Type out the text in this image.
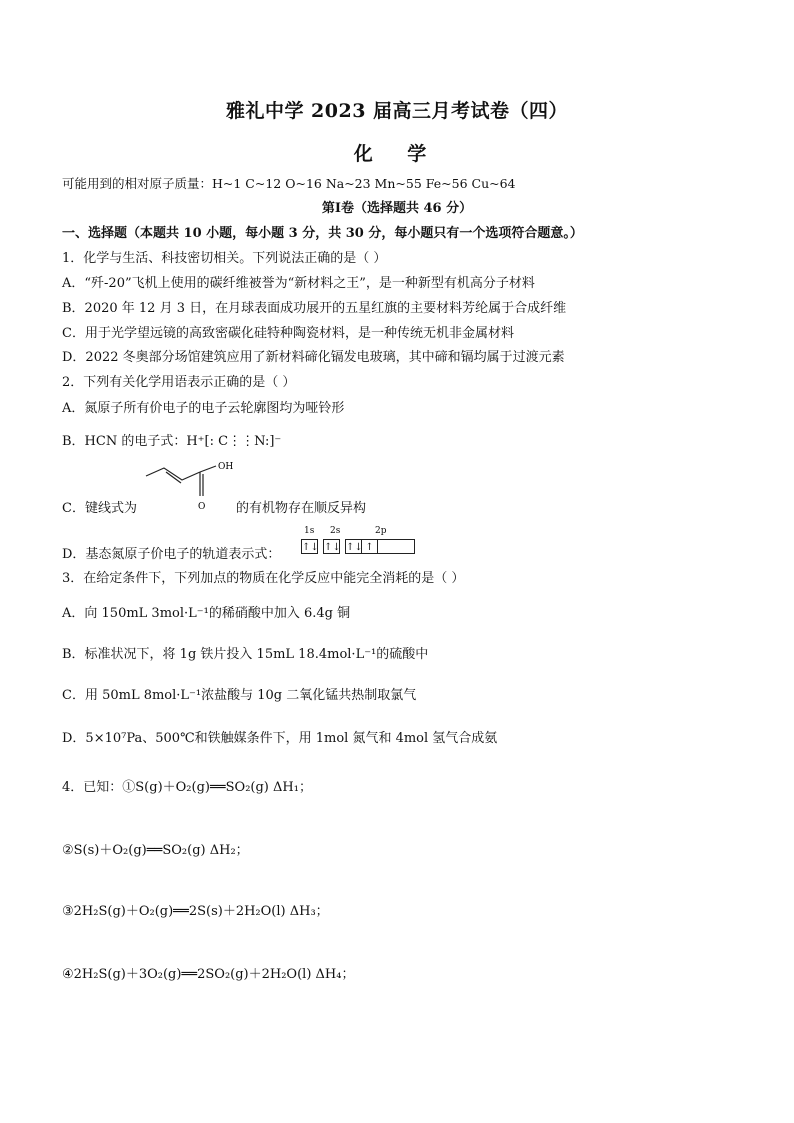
雅礼中学 2023 届高三月考试卷（四）
化 学
可能用到的相对原子质量：H~1 C~12 O~16 Na~23 Mn~55 Fe~56 Cu~64
第Ⅰ卷（选择题共 46 分）
一、选择题（本题共 10 小题，每小题 3 分，共 30 分，每小题只有一个选项符合题意。）
1．化学与生活、科技密切相关。下列说法正确的是（ ）
A．“歼-20”飞机上使用的碳纤维被誉为“新材料之王”，是一种新型有机高分子材料
B．2020 年 12 月 3 日，在月球表面成功展开的五星红旗的主要材料芳纶属于合成纤维
C．用于光学望远镜的高致密碳化硅特种陶瓷材料，是一种传统无机非金属材料
D．2022 冬奥部分场馆建筑应用了新材料碲化镉发电玻璃，其中碲和镉均属于过渡元素
2．下列有关化学用语表示正确的是（ ）
A．氮原子所有价电子的电子云轮廓图均为哑铃形
B．HCN 的电子式：H⁺[: C⋮⋮N:]⁻
C．键线式为
OH
O 的有机物存在顺反异构
D．基态氮原子价电子的轨道表示式：
1s 2s	2p
↑↓ ↑↓ ↑↓ ↑
3．在给定条件下，下列加点的物质在化学反应中能完全消耗的是（ ）
A．向 150mL 3mol·L⁻¹的稀硝酸中加入 6.4g 铜
B．标准状况下，将 1g 铁片投入 15mL 18.4mol·L⁻¹的硫酸中
C．用 50mL 8mol·L⁻¹浓盐酸与 10g 二氧化锰共热制取氯气
D．5×10⁷Pa、500℃和铁触媒条件下，用 1mol 氮气和 4mol 氢气合成氨
4．已知：①S(g)＋O₂(g)══SO₂(g) ΔH₁；
②S(s)＋O₂(g)══SO₂(g) ΔH₂；
③2H₂S(g)＋O₂(g)══2S(s)＋2H₂O(l) ΔH₃；
④2H₂S(g)＋3O₂(g)══2SO₂(g)＋2H₂O(l) ΔH₄；
